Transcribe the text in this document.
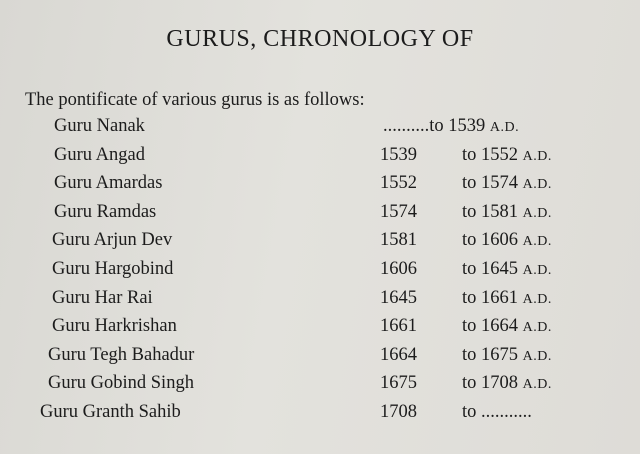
GURUS, CHRONOLOGY OF
The pontificate of various gurus is as follows:
Guru Nanak	..........to 1539 A.D.
Guru Angad	1539 to 1552 A.D.
Guru Amardas	1552 to 1574 A.D.
Guru Ramdas	1574 to 1581 A.D.
Guru Arjun Dev	1581 to 1606 A.D.
Guru Hargobind	1606 to 1645 A.D.
Guru Har Rai	1645 to 1661 A.D.
Guru Harkrishan	1661 to 1664 A.D.
Guru Tegh Bahadur	1664 to 1675 A.D.
Guru Gobind Singh	1675 to 1708 A.D.
Guru Granth Sahib	1708 to ...........
